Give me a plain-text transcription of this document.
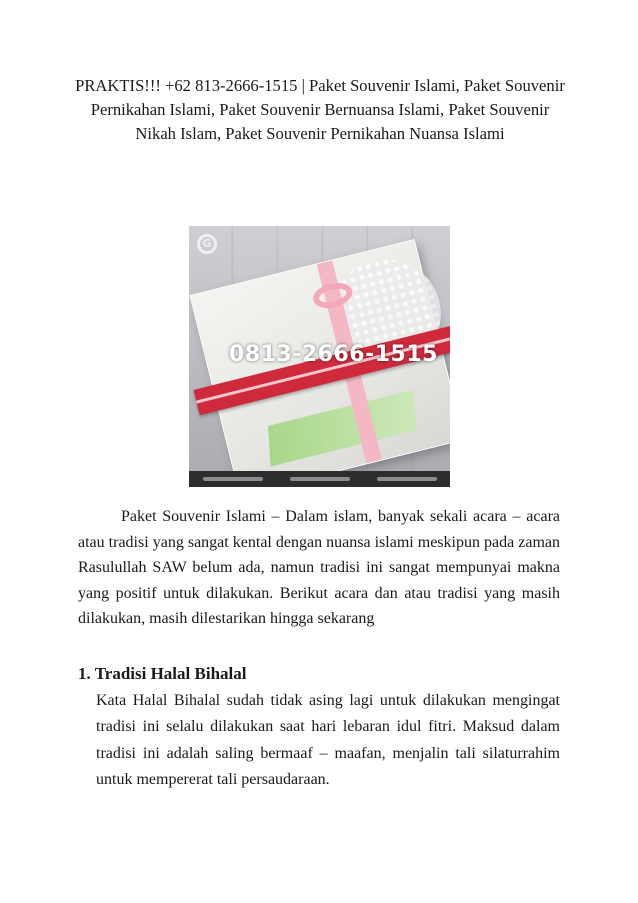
PRAKTIS!!! +62 813-2666-1515 | Paket Souvenir Islami, Paket Souvenir Pernikahan Islami, Paket Souvenir Bernuansa Islami, Paket Souvenir Nikah Islam, Paket Souvenir Pernikahan Nuansa Islami
G
0813-2666-1515

Paket Souvenir Islami – Dalam islam, banyak sekali acara – acara atau tradisi yang sangat kental dengan nuansa islami meskipun pada zaman Rasulullah SAW belum ada, namun tradisi ini sangat mempunyai makna yang positif untuk dilakukan. Berikut acara dan atau tradisi yang masih dilakukan, masih dilestarikan hingga sekarang

1. Tradisi Halal Bihalal

Kata Halal Bihalal sudah tidak asing lagi untuk dilakukan mengingat tradisi ini selalu dilakukan saat hari lebaran idul fitri. Maksud dalam tradisi ini adalah saling bermaaf – maafan, menjalin tali silaturrahim untuk mempererat tali persaudaraan.
